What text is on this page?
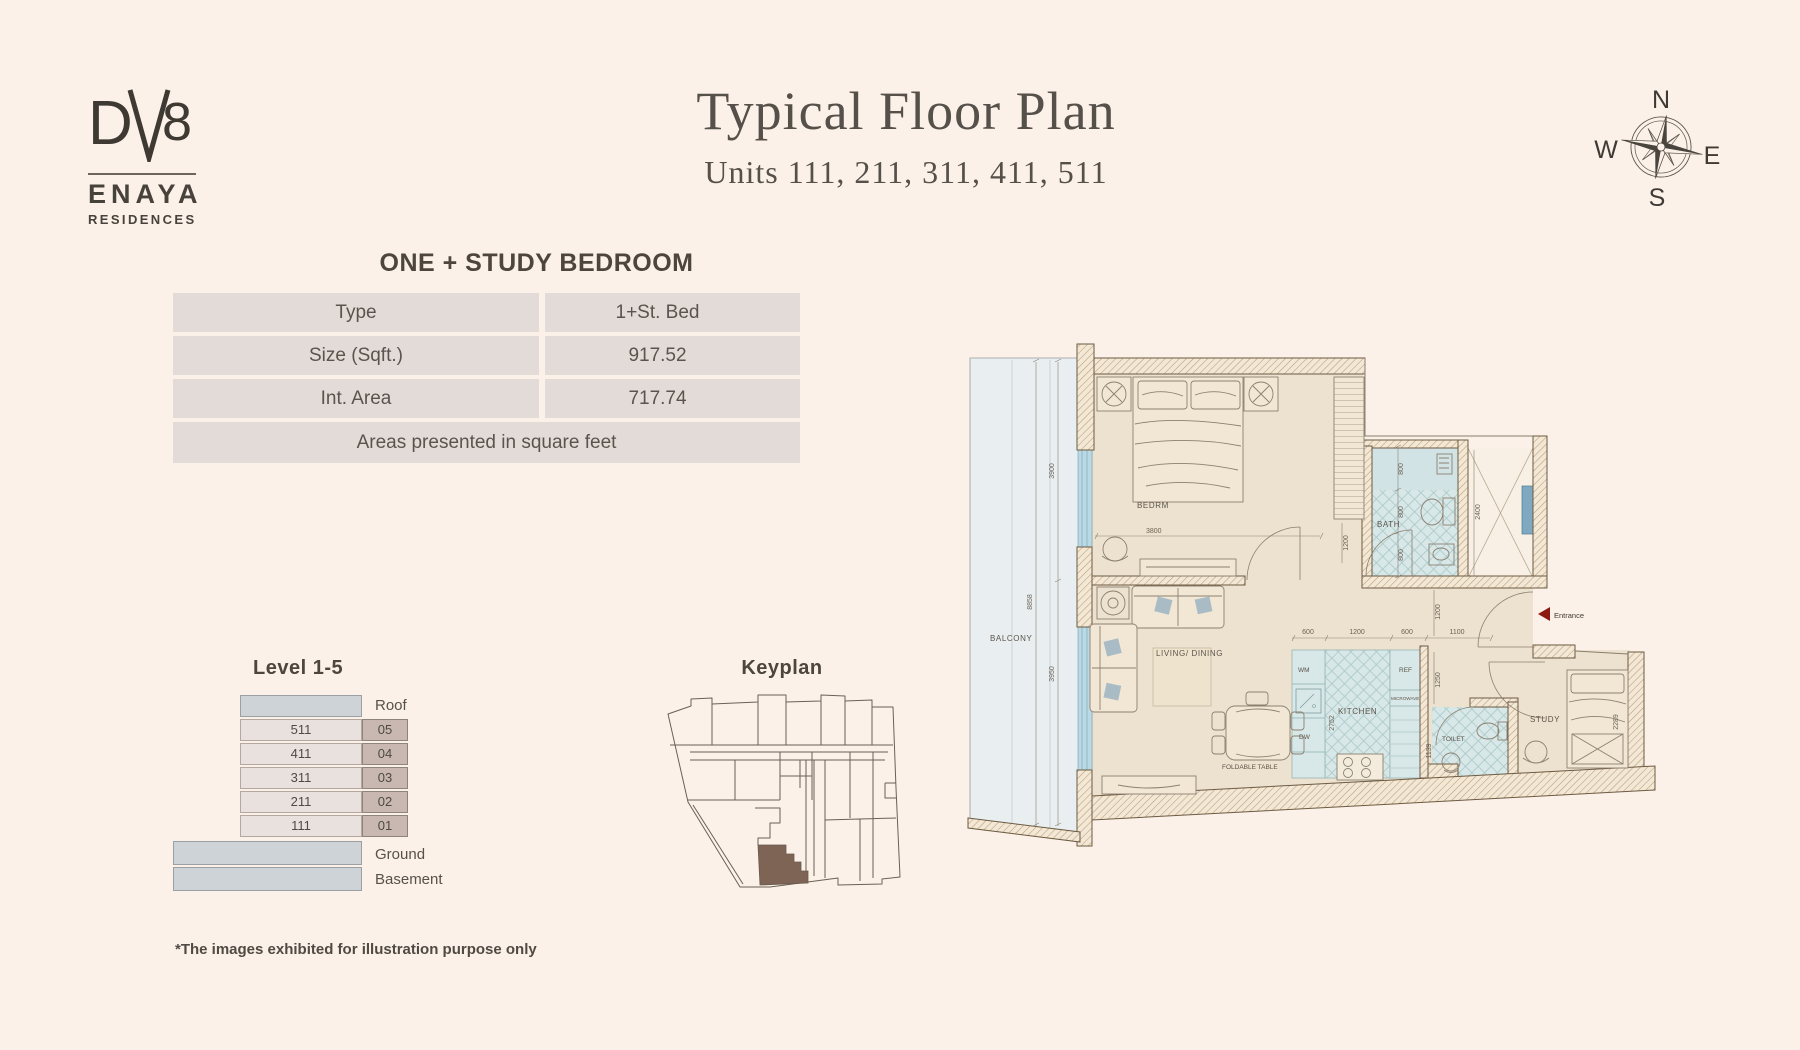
D 8
ENAYA
RESIDENCES
Typical Floor Plan
Units 111, 211, 311, 411, 511
N
S
E
W
ONE + STUDY BEDROOM
Type	1+St. Bed
Size (Sqft.)	917.52
Int. Area	717.74
Areas presented in square feet
Level 1-5
Roof
511	05
411	04
311	03
211	02
111	01
Ground
Basement
Keyplan
Entrance
BALCONY
BEDRM
LIVING/ DINING
KITCHEN
BATH
TOILET
STUDY
WM
DW
REF
MICROWAVE
FOLDABLE TABLE
8858
3900
3950
3800
1200
800
800
800
2400
1200
1250
600	1200	600	1100
2752
1139
2289
*The images exhibited for illustration purpose only
